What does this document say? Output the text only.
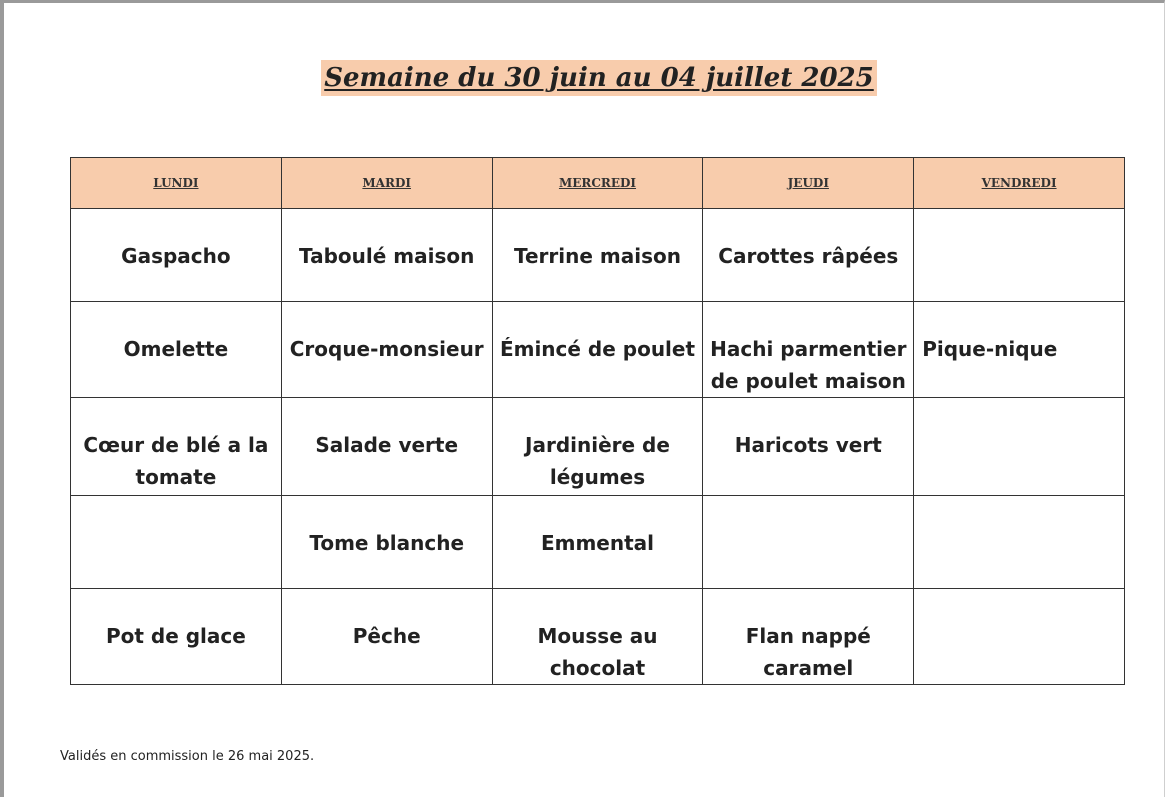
Semaine du 30 juin au 04 juillet 2025
LUNDI	MARDI	MERCREDI	JEUDI	VENDREDI
Gaspacho	Taboulé maison	Terrine maison	Carottes râpées	
Omelette	Croque-monsieur	Émincé de poulet	Hachi parmentier de poulet maison	Pique-nique
Cœur de blé a la tomate	Salade verte	Jardinière de légumes	Haricots vert	
	Tome blanche	Emmental		
Pot de glace	Pêche	Mousse au chocolat	Flan nappé caramel	
Validés en commission le 26 mai 2025.
